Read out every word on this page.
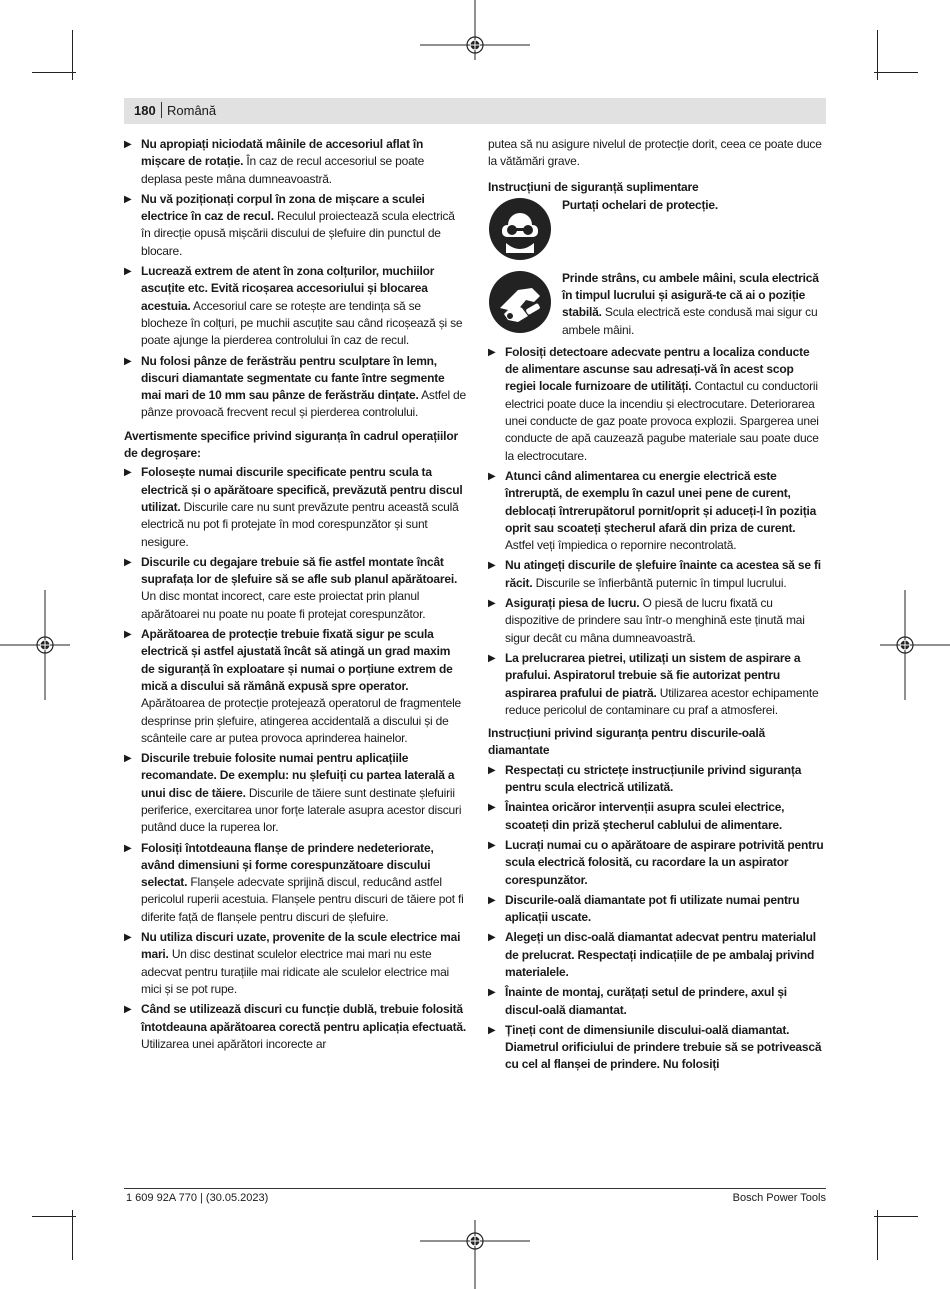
180 Română
▶ Nu apropiați niciodată mâinile de accesoriul aflat în mișcare de rotație. În caz de recul accesoriul se poate deplasa peste mâna dumneavoastră.
▶ Nu vă poziționați corpul în zona de mișcare a sculei electrice în caz de recul. Reculul proiectează scula electrică în direcție opusă mișcării discului de șlefuire din punctul de blocare.
▶ Lucrează extrem de atent în zona colțurilor, muchiilor ascuțite etc. Evită ricoșarea accesoriului și blocarea acestuia. Accesoriul care se rotește are tendința să se blocheze în colțuri, pe muchii ascuțite sau când ricoșează și se poate ajunge la pierderea controlului în caz de recul.
▶ Nu folosi pânze de ferăstrău pentru sculptare în lemn, discuri diamantate segmentate cu fante între segmente mai mari de 10 mm sau pânze de ferăstrău dințate. Astfel de pânze provoacă frecvent recul și pierderea controlului.
Avertismente specifice privind siguranța în cadrul operațiilor de degroșare:
▶ Folosește numai discurile specificate pentru scula ta electrică și o apărătoare specifică, prevăzută pentru discul utilizat. Discurile care nu sunt prevăzute pentru această sculă electrică nu pot fi protejate în mod corespunzător și sunt nesigure.
▶ Discurile cu degajare trebuie să fie astfel montate încât suprafața lor de șlefuire să se afle sub planul apărătoarei. Un disc montat incorect, care este proiectat prin planul apărătoarei nu poate nu poate fi protejat corespunzător.
▶ Apărătoarea de protecție trebuie fixată sigur pe scula electrică și astfel ajustată încât să atingă un grad maxim de siguranță în exploatare și numai o porțiune extrem de mică a discului să rămână expusă spre operator. Apărătoarea de protecție protejează operatorul de fragmentele desprinse prin șlefuire, atingerea accidentală a discului și de scânteile care ar putea provoca aprinderea hainelor.
▶ Discurile trebuie folosite numai pentru aplicațiile recomandate. De exemplu: nu șlefuiți cu partea laterală a unui disc de tăiere. Discurile de tăiere sunt destinate șlefuirii periferice, exercitarea unor forțe laterale asupra acestor discuri putând duce la ruperea lor.
▶ Folosiți întotdeauna flanșe de prindere nedeteriorate, având dimensiuni și forme corespunzătoare discului selectat. Flanșele adecvate sprijină discul, reducând astfel pericolul ruperii acestuia. Flanșele pentru discuri de tăiere pot fi diferite față de flanșele pentru discuri de șlefuire.
▶ Nu utiliza discuri uzate, provenite de la scule electrice mai mari. Un disc destinat sculelor electrice mai mari nu este adecvat pentru turațiile mai ridicate ale sculelor electrice mai mici și se pot rupe.
▶ Când se utilizează discuri cu funcție dublă, trebuie folosită întotdeauna apărătoarea corectă pentru aplicația efectuată. Utilizarea unei apărători incorecte ar
putea să nu asigure nivelul de protecție dorit, ceea ce poate duce la vătămări grave.
Instrucțiuni de siguranță suplimentare
Purtați ochelari de protecție.
Prinde strâns, cu ambele mâini, scula electrică în timpul lucrului și asigură-te că ai o poziție stabilă. Scula electrică este condusă mai sigur cu ambele mâini.
▶ Folosiți detectoare adecvate pentru a localiza conducte de alimentare ascunse sau adresați-vă în acest scop regiei locale furnizoare de utilități. Contactul cu conductorii electrici poate duce la incendiu și electrocutare. Deteriorarea unei conducte de gaz poate provoca explozii. Spargerea unei conducte de apă cauzează pagube materiale sau poate duce la electrocutare.
▶ Atunci când alimentarea cu energie electrică este întreruptă, de exemplu în cazul unei pene de curent, deblocați întrerupătorul pornit/oprit și aduceți-l în poziția oprit sau scoateți ștecherul afară din priza de curent. Astfel veți împiedica o repornire necontrolată.
▶ Nu atingeți discurile de șlefuire înainte ca acestea să se fi răcit. Discurile se înfierbântă puternic în timpul lucrului.
▶ Asigurați piesa de lucru. O piesă de lucru fixată cu dispozitive de prindere sau într-o menghină este ținută mai sigur decât cu mâna dumneavoastră.
▶ La prelucrarea pietrei, utilizați un sistem de aspirare a prafului. Aspiratorul trebuie să fie autorizat pentru aspirarea prafului de piatră. Utilizarea acestor echipamente reduce pericolul de contaminare cu praf a atmosferei.
Instrucțiuni privind siguranța pentru discurile-oală diamantate
▶ Respectați cu strictețe instrucțiunile privind siguranța pentru scula electrică utilizată.
▶ Înaintea oricăror intervenții asupra sculei electrice, scoateți din priză ștecherul cablului de alimentare.
▶ Lucrați numai cu o apărătoare de aspirare potrivită pentru scula electrică folosită, cu racordare la un aspirator corespunzător.
▶ Discurile-oală diamantate pot fi utilizate numai pentru aplicații uscate.
▶ Alegeți un disc-oală diamantat adecvat pentru materialul de prelucrat. Respectați indicațiile de pe ambalaj privind materialele.
▶ Înainte de montaj, curățați setul de prindere, axul și discul-oală diamantat.
▶ Țineți cont de dimensiunile discului-oală diamantat. Diametrul orificiului de prindere trebuie să se potrivească cu cel al flanșei de prindere. Nu folosiți
1 609 92A 770 | (30.05.2023)	Bosch Power Tools
